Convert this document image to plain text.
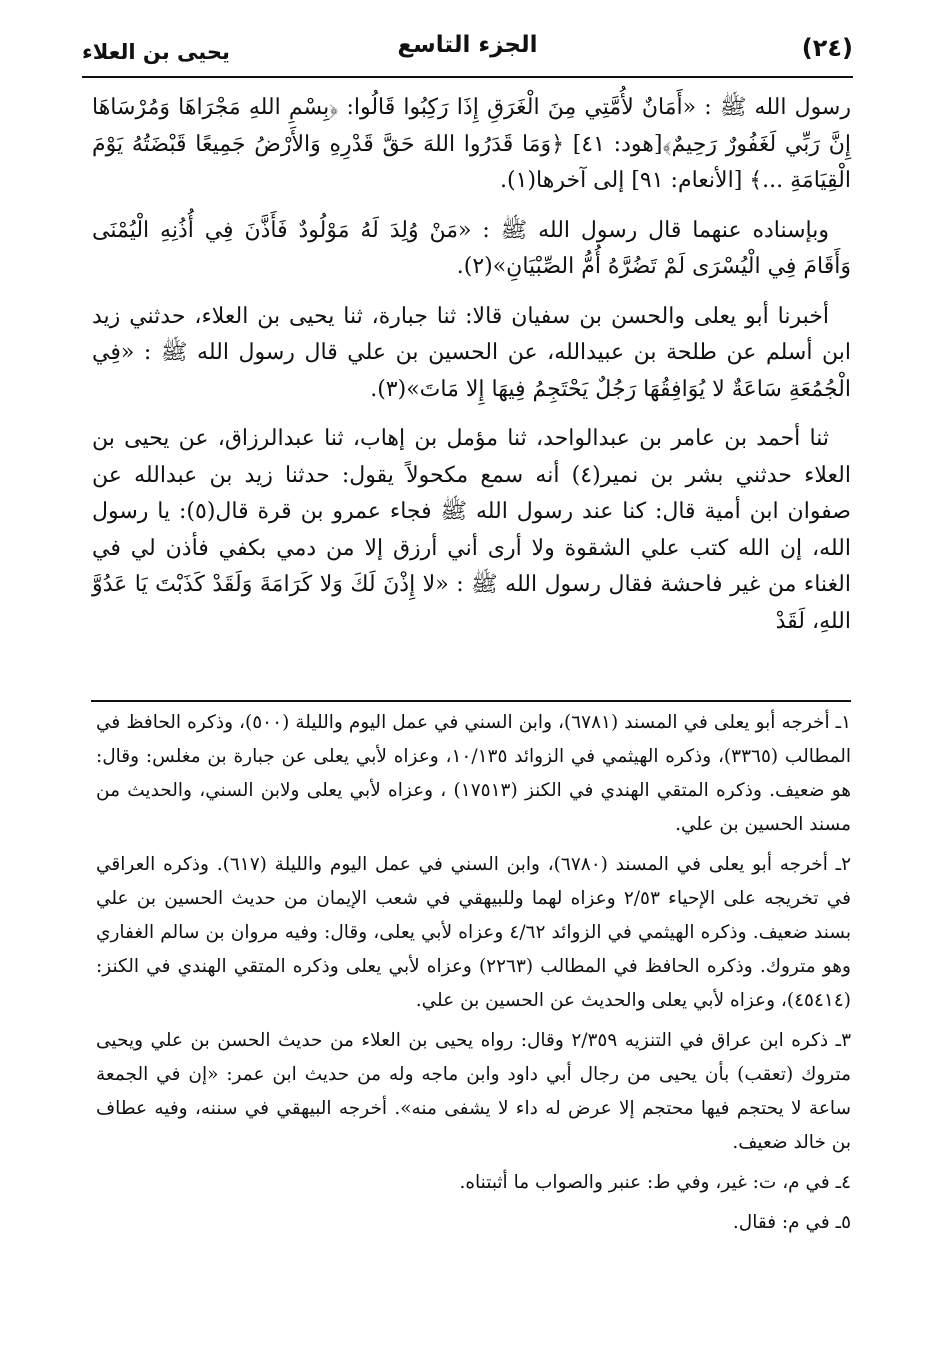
يحيى بن العلاء	الجزء التاسع	(٢٤)

رسول الله ﷺ : «أَمَانٌ لأُمَّتِي مِنَ الْغَرَقِ إِذَا رَكِبُوا قَالُوا: ﴿بِسْمِ اللهِ مَجْرَاهَا وَمُرْسَاهَا إِنَّ رَبِّي لَغَفُورٌ رَحِيمٌ﴾[هود: ٤١] ﴿وَمَا قَدَرُوا اللهَ حَقَّ قَدْرِهِ وَالأَرْضُ جَمِيعًا قَبْضَتُهُ يَوْمَ الْقِيَامَةِ ...﴾ [الأنعام: ٩١] إلى آخرها(١).

وبإسناده عنهما قال رسول الله ﷺ : «مَنْ وُلِدَ لَهُ مَوْلُودٌ فَأَذَّنَ فِي أُذُنِهِ الْيُمْنَى وَأَقَامَ فِي الْيُسْرَى لَمْ تَضُرَّهُ أُمُّ الصِّبْيَانِ»(٢).

أخبرنا أبو يعلى والحسن بن سفيان قالا: ثنا جبارة، ثنا يحيى بن العلاء، حدثني زيد ابن أسلم عن طلحة بن عبيدالله، عن الحسين بن علي قال رسول الله ﷺ : «فِي الْجُمُعَةِ سَاعَةٌ لا يُوَافِقُهَا رَجُلٌ يَحْتَجِمُ فِيهَا إِلا مَاتَ»(٣).

ثنا أحمد بن عامر بن عبدالواحد، ثنا مؤمل بن إهاب، ثنا عبدالرزاق، عن يحيى بن العلاء حدثني بشر بن نمير(٤) أنه سمع مكحولاً يقول: حدثنا زيد بن عبدالله عن صفوان ابن أمية قال: كنا عند رسول الله ﷺ فجاء عمرو بن قرة قال(٥): يا رسول الله، إن الله كتب علي الشقوة ولا أرى أني أرزق إلا من دمي بكفي فأذن لي في الغناء من غير فاحشة فقال رسول الله ﷺ : «لا إِذْنَ لَكَ وَلا كَرَامَةَ وَلَقَدْ كَذَبْتَ يَا عَدُوَّ اللهِ، لَقَدْ

١ـ أخرجه أبو يعلى في المسند (٦٧٨١)، وابن السني في عمل اليوم والليلة (٥٠٠)، وذكره الحافظ في المطالب (٣٣٦٥)، وذكره الهيثمي في الزوائد ١٠/١٣٥، وعزاه لأبي يعلى عن جبارة بن مغلس: وقال: هو ضعيف. وذكره المتقي الهندي في الكنز (١٧٥١٣) ، وعزاه لأبي يعلى ولابن السني، والحديث من مسند الحسين بن علي.

٢ـ أخرجه أبو يعلى في المسند (٦٧٨٠)، وابن السني في عمل اليوم والليلة (٦١٧). وذكره العراقي في تخريجه على الإحياء ٢/٥٣ وعزاه لهما وللبيهقي في شعب الإيمان من حديث الحسين بن علي بسند ضعيف. وذكره الهيثمي في الزوائد ٤/٦٢ وعزاه لأبي يعلى، وقال: وفيه مروان بن سالم الغفاري وهو متروك. وذكره الحافظ في المطالب (٢٢٦٣) وعزاه لأبي يعلى وذكره المتقي الهندي في الكنز: (٤٥٤١٤)، وعزاه لأبي يعلى والحديث عن الحسين بن علي.

٣ـ ذكره ابن عراق في التنزيه ٢/٣٥٩ وقال: رواه يحيى بن العلاء من حديث الحسن بن علي ويحيى متروك (تعقب) بأن يحيى من رجال أبي داود وابن ماجه وله من حديث ابن عمر: «إن في الجمعة ساعة لا يحتجم فيها محتجم إلا عرض له داء لا يشفى منه». أخرجه البيهقي في سننه، وفيه عطاف بن خالد ضعيف.

٤ـ في م، ت: غير، وفي ط: عنبر والصواب ما أثبتناه.

٥ـ في م: فقال.
